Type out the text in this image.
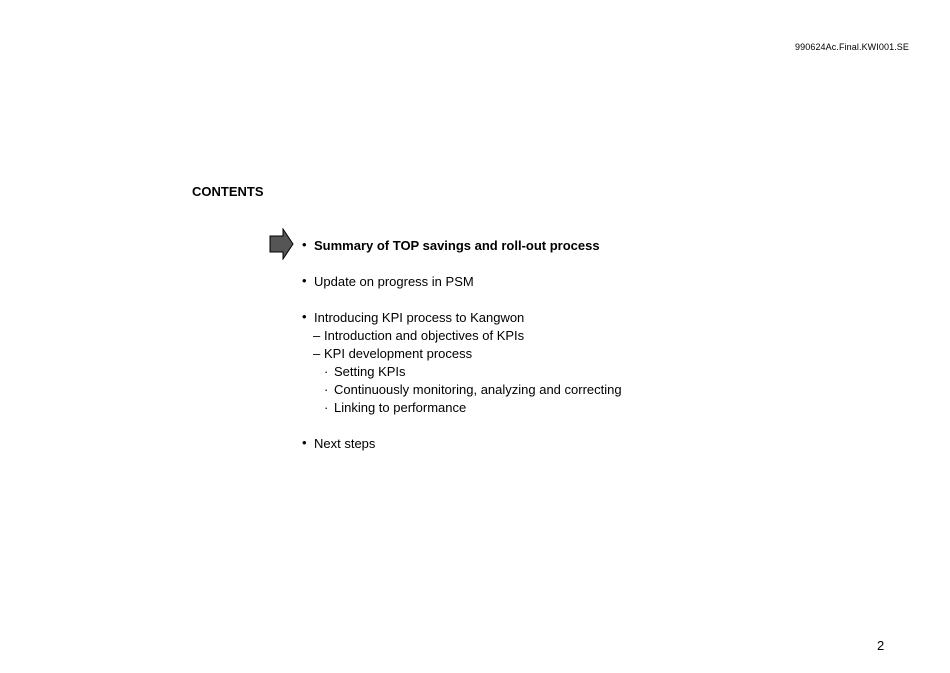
990624Ac.Final.KWI001.SE
CONTENTS
• Summary of TOP savings and roll-out process
• Update on progress in PSM
• Introducing KPI process to Kangwon
– Introduction and objectives of KPIs
– KPI development process
· Setting KPIs
· Continuously monitoring, analyzing and correcting
· Linking to performance
• Next steps
2
